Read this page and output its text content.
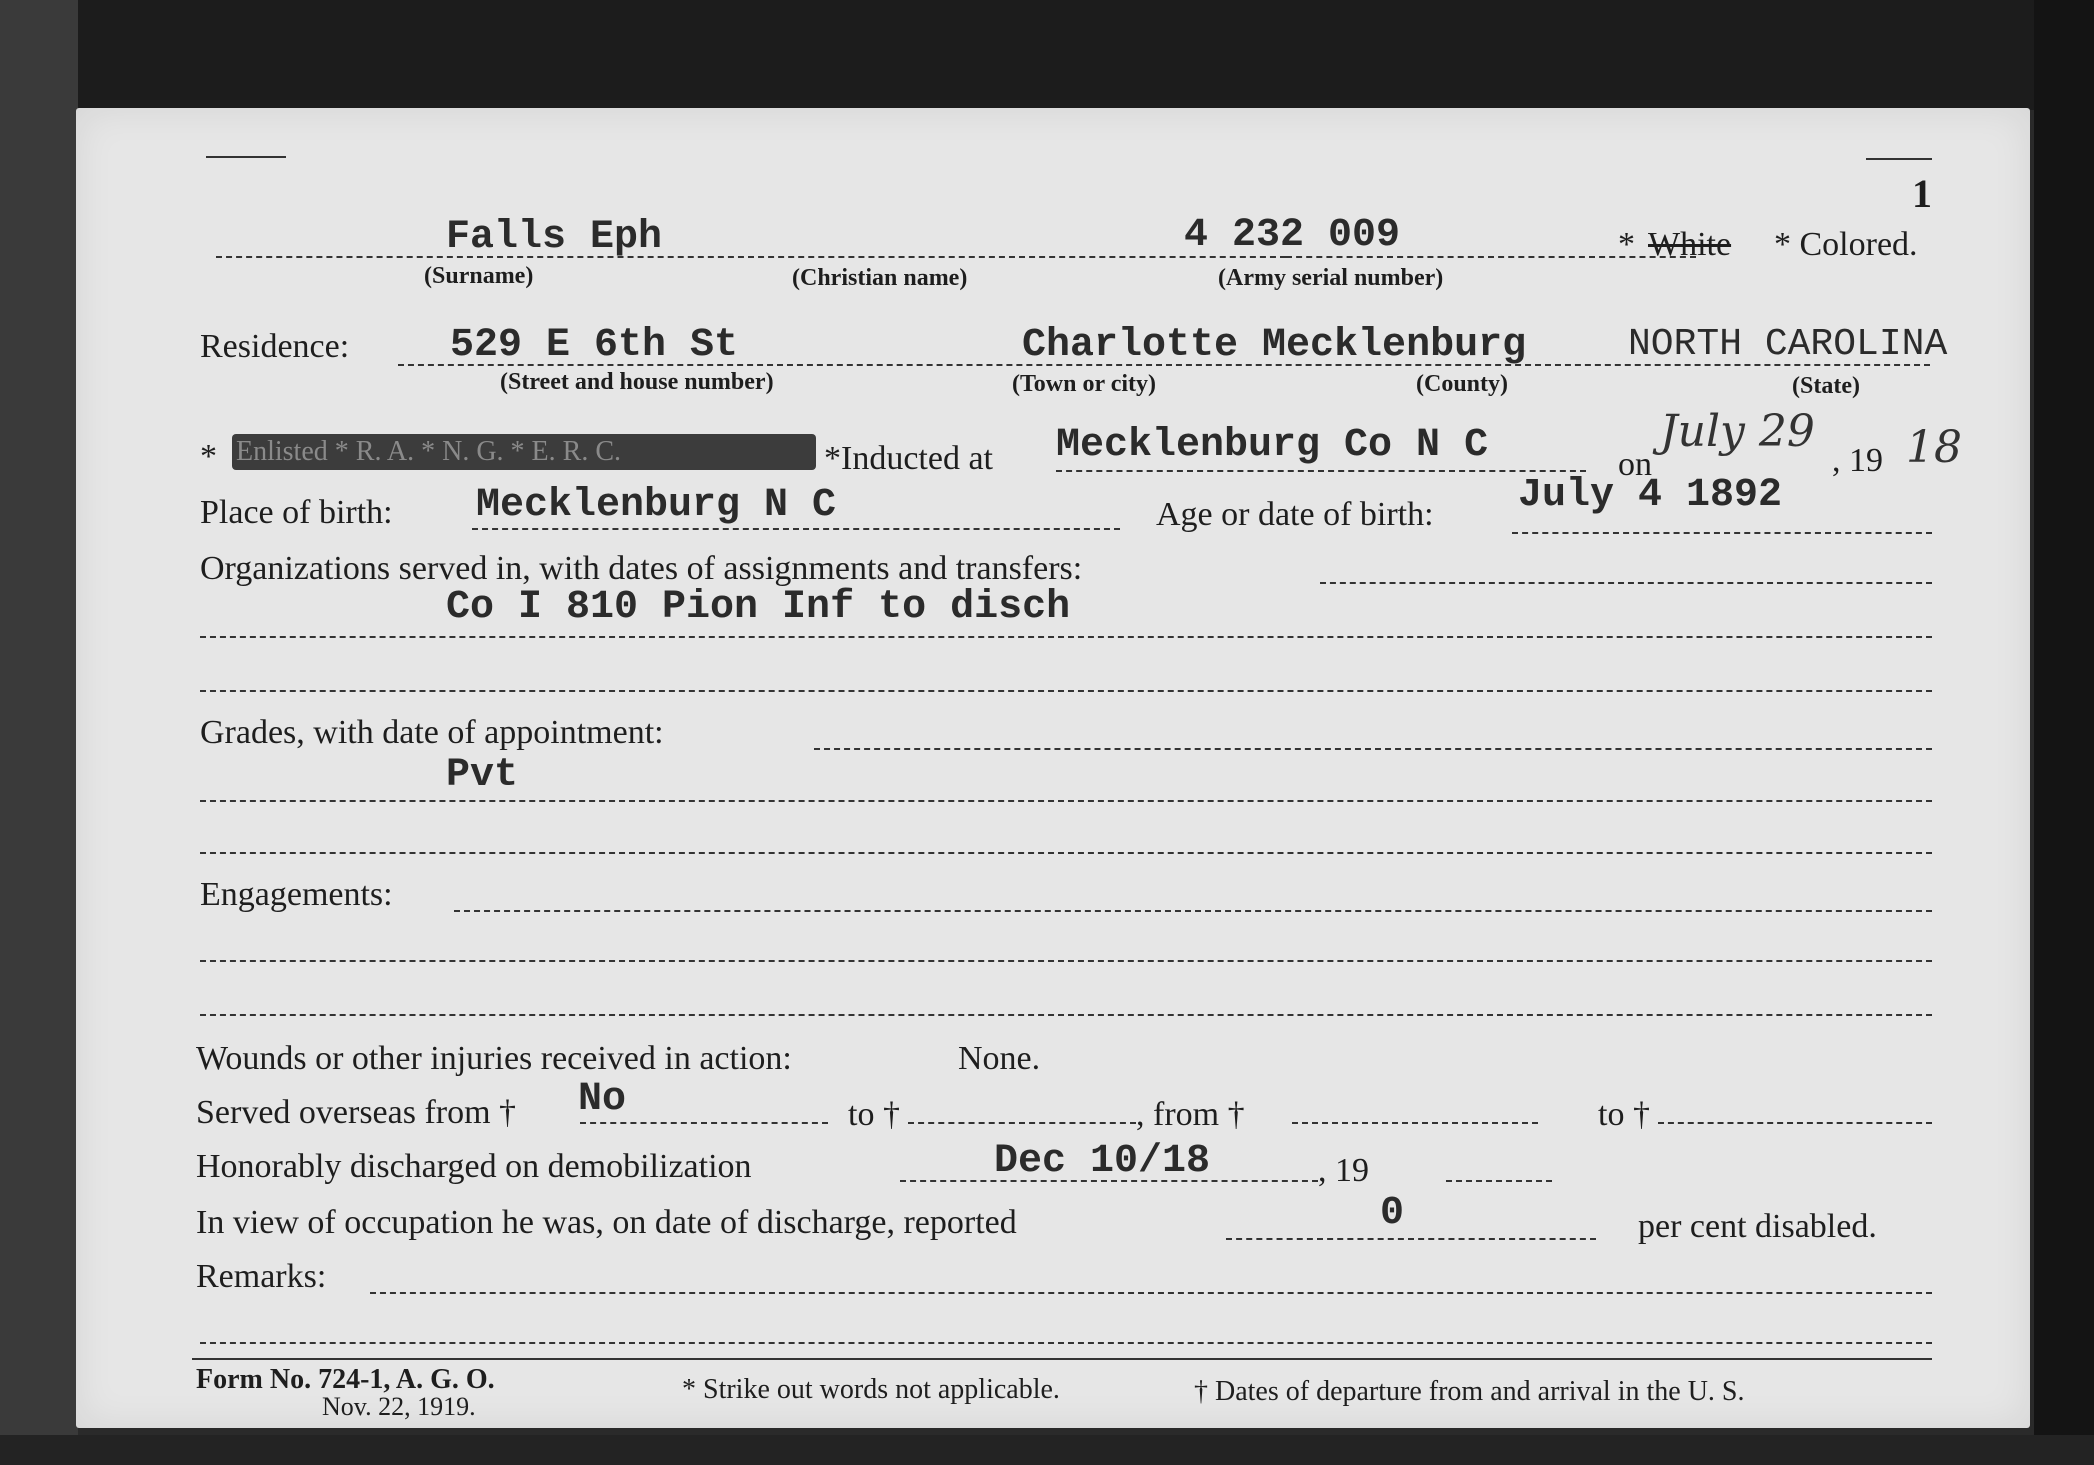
1
Falls Eph	4 232 009	* White * Colored.
(Surname)	(Christian name)	(Army serial number)
Residence:	529 E 6th St	Charlotte Mecklenburg	NORTH CAROLINA
(Street and house number)	(Town or city)	(County)	(State)
* Enlisted * R. A. * N. G. * E. R. C.	*Inducted at Mecklenburg Co N C	on
July 29
, 19 18
Place of birth: Mecklenburg N C	Age or date of birth: July 4 1892
Organizations served in, with dates of assignments and transfers:
Co I 810 Pion Inf to disch
Grades, with date of appointment:
Pvt
Engagements:
Wounds or other injuries received in action:	None.
Served overseas from † No	to †	, from †	to †
Honorably discharged on demobilization	Dec 10/18	, 19
In view of occupation he was, on date of discharge, reported	0	per cent disabled.
Remarks:
Form No. 724-1, A. G. O.
Nov. 22, 1919.
* Strike out words not applicable.	† Dates of departure from and arrival in the U. S.
